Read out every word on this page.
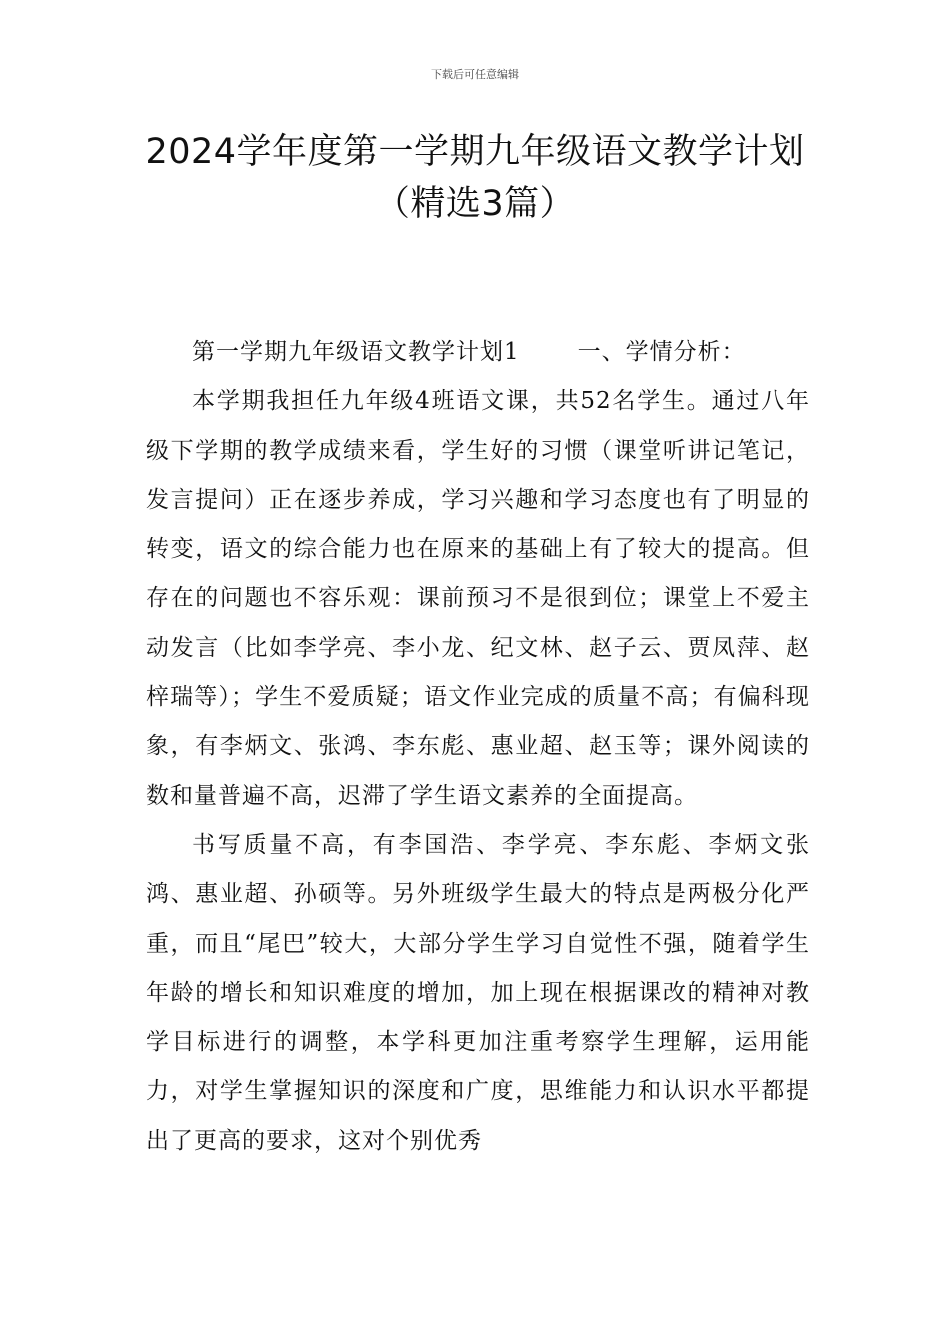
下载后可任意编辑
2024学年度第一学期九年级语文教学计划
（精选3篇）

第一学期九年级语文教学计划1	一、学情分析：

本学期我担任九年级4班语文课，共52名学生。通过八年级下学期的教学成绩来看，学生好的习惯（课堂听讲记笔记，发言提问）正在逐步养成，学习兴趣和学习态度也有了明显的转变，语文的综合能力也在原来的基础上有了较大的提高。但存在的问题也不容乐观：课前预习不是很到位；课堂上不爱主动发言（比如李学亮、李小龙、纪文林、赵子云、贾凤萍、赵梓瑞等）；学生不爱质疑；语文作业完成的质量不高；有偏科现象，有李炳文、张鸿、李东彪、惠业超、赵玉等；课外阅读的数和量普遍不高，迟滞了学生语文素养的全面提高。

书写质量不高，有李国浩、李学亮、李东彪、李炳文张鸿、惠业超、孙硕等。另外班级学生最大的特点是两极分化严重，而且“尾巴”较大，大部分学生学习自觉性不强，随着学生年龄的增长和知识难度的增加，加上现在根据课改的精神对教学目标进行的调整，本学科更加注重考察学生理解，运用能力，对学生掌握知识的深度和广度，思维能力和认识水平都提出了更高的要求，这对个别优秀
